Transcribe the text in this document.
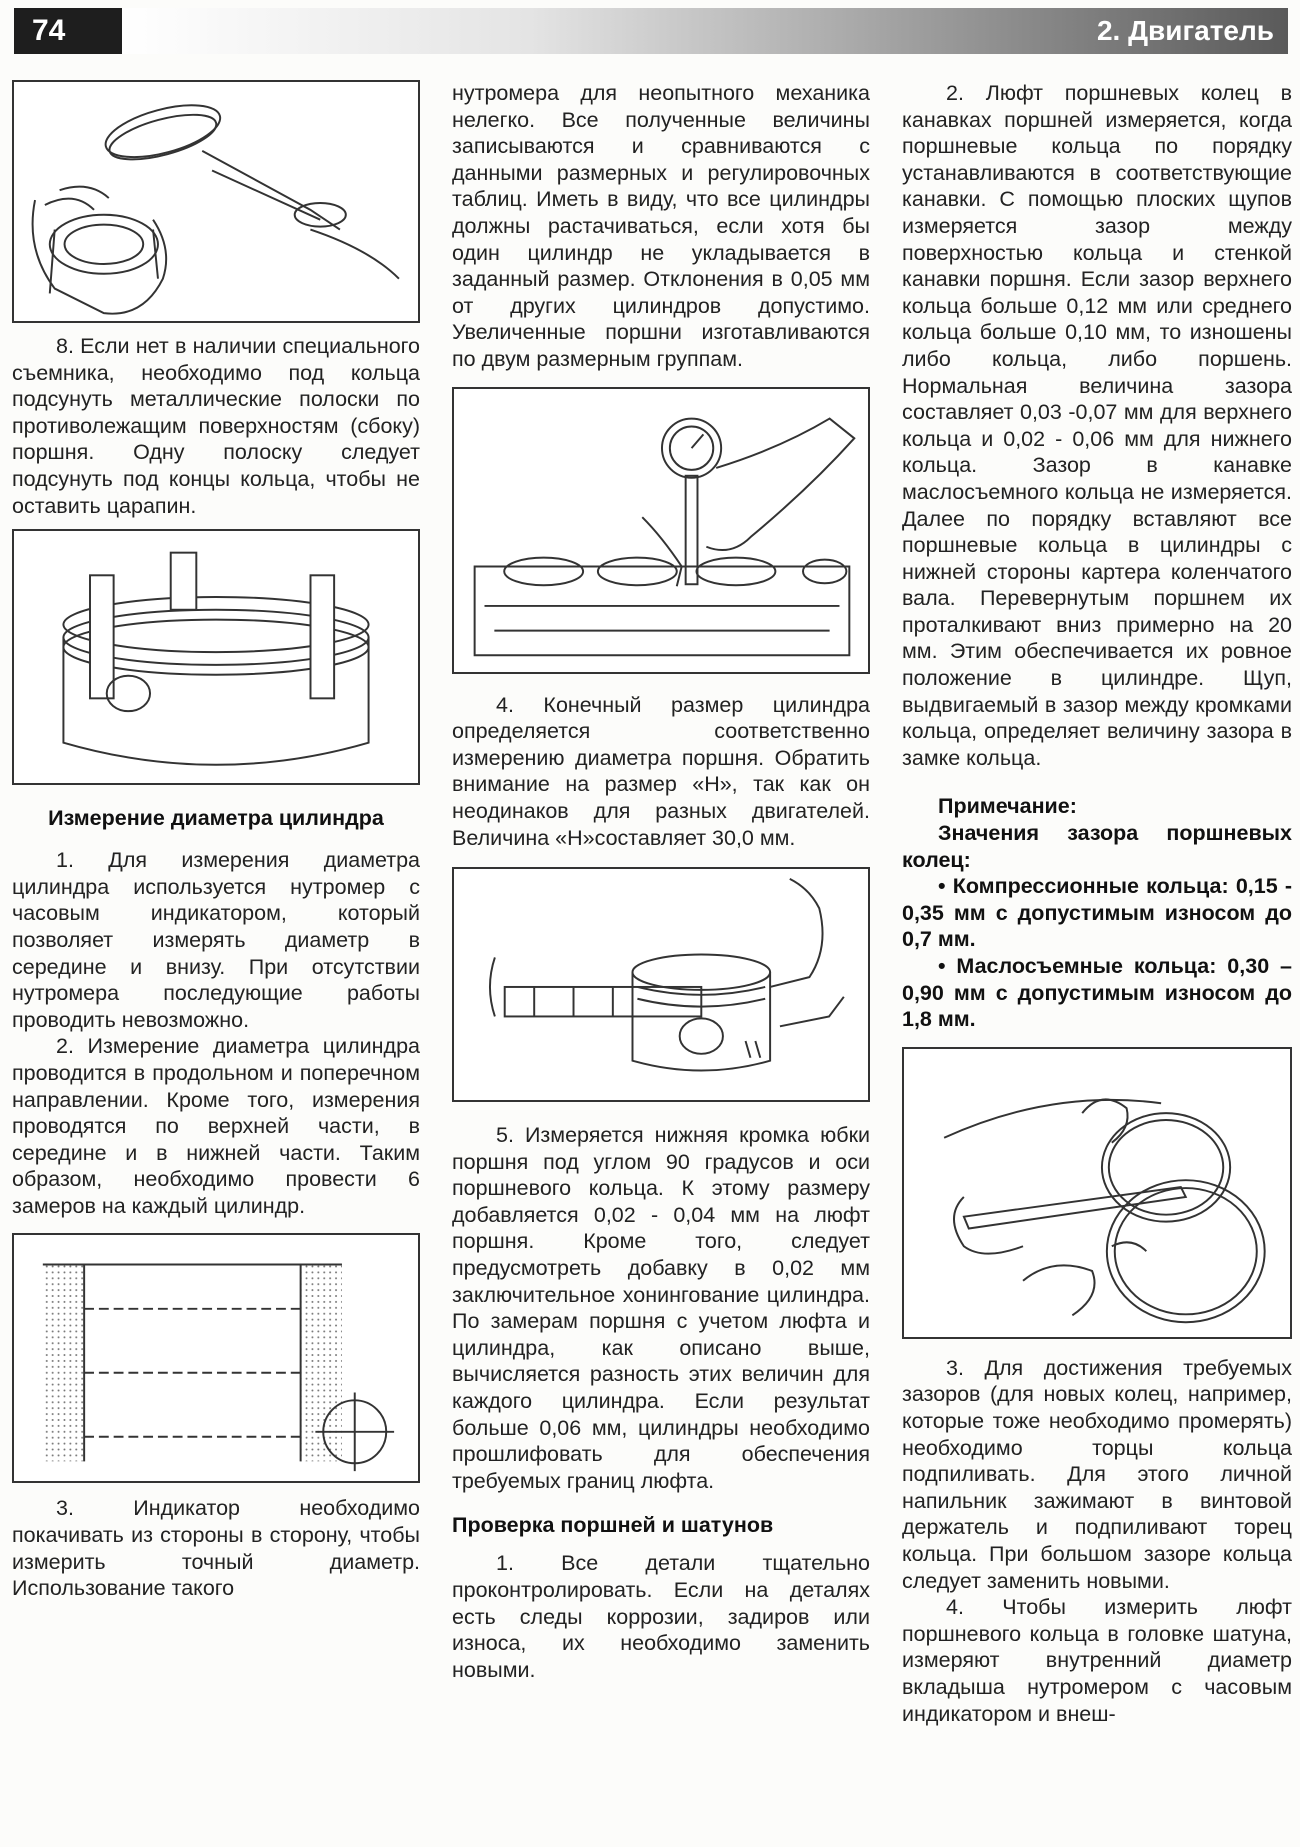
74	2. Двигатель

8. Если нет в наличии специального съемника, необходимо под кольца подсунуть металлические полоски по противолежащим поверхностям (сбоку) поршня. Одну полоску следует подсунуть под концы кольца, чтобы не оставить царапин.

Измерение диаметра цилиндра

1. Для измерения диаметра цилиндра используется нутромер с часовым индикатором, который позволяет измерять диаметр в середине и внизу. При отсутствии нутромера последующие работы проводить невозможно.

2. Измерение диаметра цилиндра проводится в продольном и поперечном направлении. Кроме того, измерения проводятся по верхней части, в середине и в нижней части. Таким образом, необходимо провести 6 замеров на каждый цилиндр.

3. Индикатор необходимо покачивать из стороны в сторону, чтобы измерить точный диаметр. Использование такого

нутромера для неопытного механика нелегко. Все полученные величины записываются и сравниваются с данными размерных и регулировочных таблиц. Иметь в виду, что все цилиндры должны растачиваться, если хотя бы один цилиндр не укладывается в заданный размер. Отклонения в 0,05 мм от других цилиндров допустимо. Увеличенные поршни изготавливаются по двум размерным группам.

4. Конечный размер цилиндра определяется соответственно измерению диаметра поршня. Обратить внимание на размер «Н», так как он неодинаков для разных двигателей. Величина «Н»составляет 30,0 мм.

5. Измеряется нижняя кромка юбки поршня под углом 90 градусов и оси поршневого кольца. К этому размеру добавляется 0,02 - 0,04 мм на люфт поршня. Кроме того, следует предусмотреть добавку в 0,02 мм заключительное хонингование цилиндра. По замерам поршня с учетом люфта и цилиндра, как описано выше, вычисляется разность этих величин для каждого цилиндра. Если результат больше 0,06 мм, цилиндры необходимо прошлифовать для обеспечения требуемых границ люфта.

Проверка поршней и шатунов

1. Все детали тщательно проконтролировать. Если на деталях есть следы коррозии, задиров или износа, их необходимо заменить новыми.

2. Люфт поршневых колец в канавках поршней измеряется, когда поршневые кольца по порядку устанавливаются в соответствующие канавки. С помощью плоских щупов измеряется зазор между поверхностью кольца и стенкой канавки поршня. Если зазор верхнего кольца больше 0,12 мм или среднего кольца больше 0,10 мм, то изношены либо кольца, либо поршень. Нормальная величина зазора составляет 0,03 -0,07 мм для верхнего кольца и 0,02 - 0,06 мм для нижнего кольца. Зазор в канавке маслосъемного кольца не измеряется. Далее по порядку вставляют все поршневые кольца в цилиндры с нижней стороны картера коленчатого вала. Перевернутым поршнем их проталкивают вниз примерно на 20 мм. Этим обеспечивается их ровное положение в цилиндре. Щуп, выдвигаемый в зазор между кромками кольца, определяет величину зазора в замке кольца.

Примечание:

Значения зазора поршневых колец:

• Компрессионные кольца: 0,15 - 0,35 мм с допустимым износом до 0,7 мм.

• Маслосъемные кольца: 0,30 – 0,90 мм с допустимым износом до 1,8 мм.

3. Для достижения требуемых зазоров (для новых колец, например, которые тоже необходимо промерять) необходимо торцы кольца подпиливать. Для этого личной напильник зажимают в винтовой держатель и подпиливают торец кольца. При большом зазоре кольца следует заменить новыми.

4. Чтобы измерить люфт поршневого кольца в головке шатуна, измеряют внутренний диаметр вкладыша нутромером с часовым индикатором и внеш-
